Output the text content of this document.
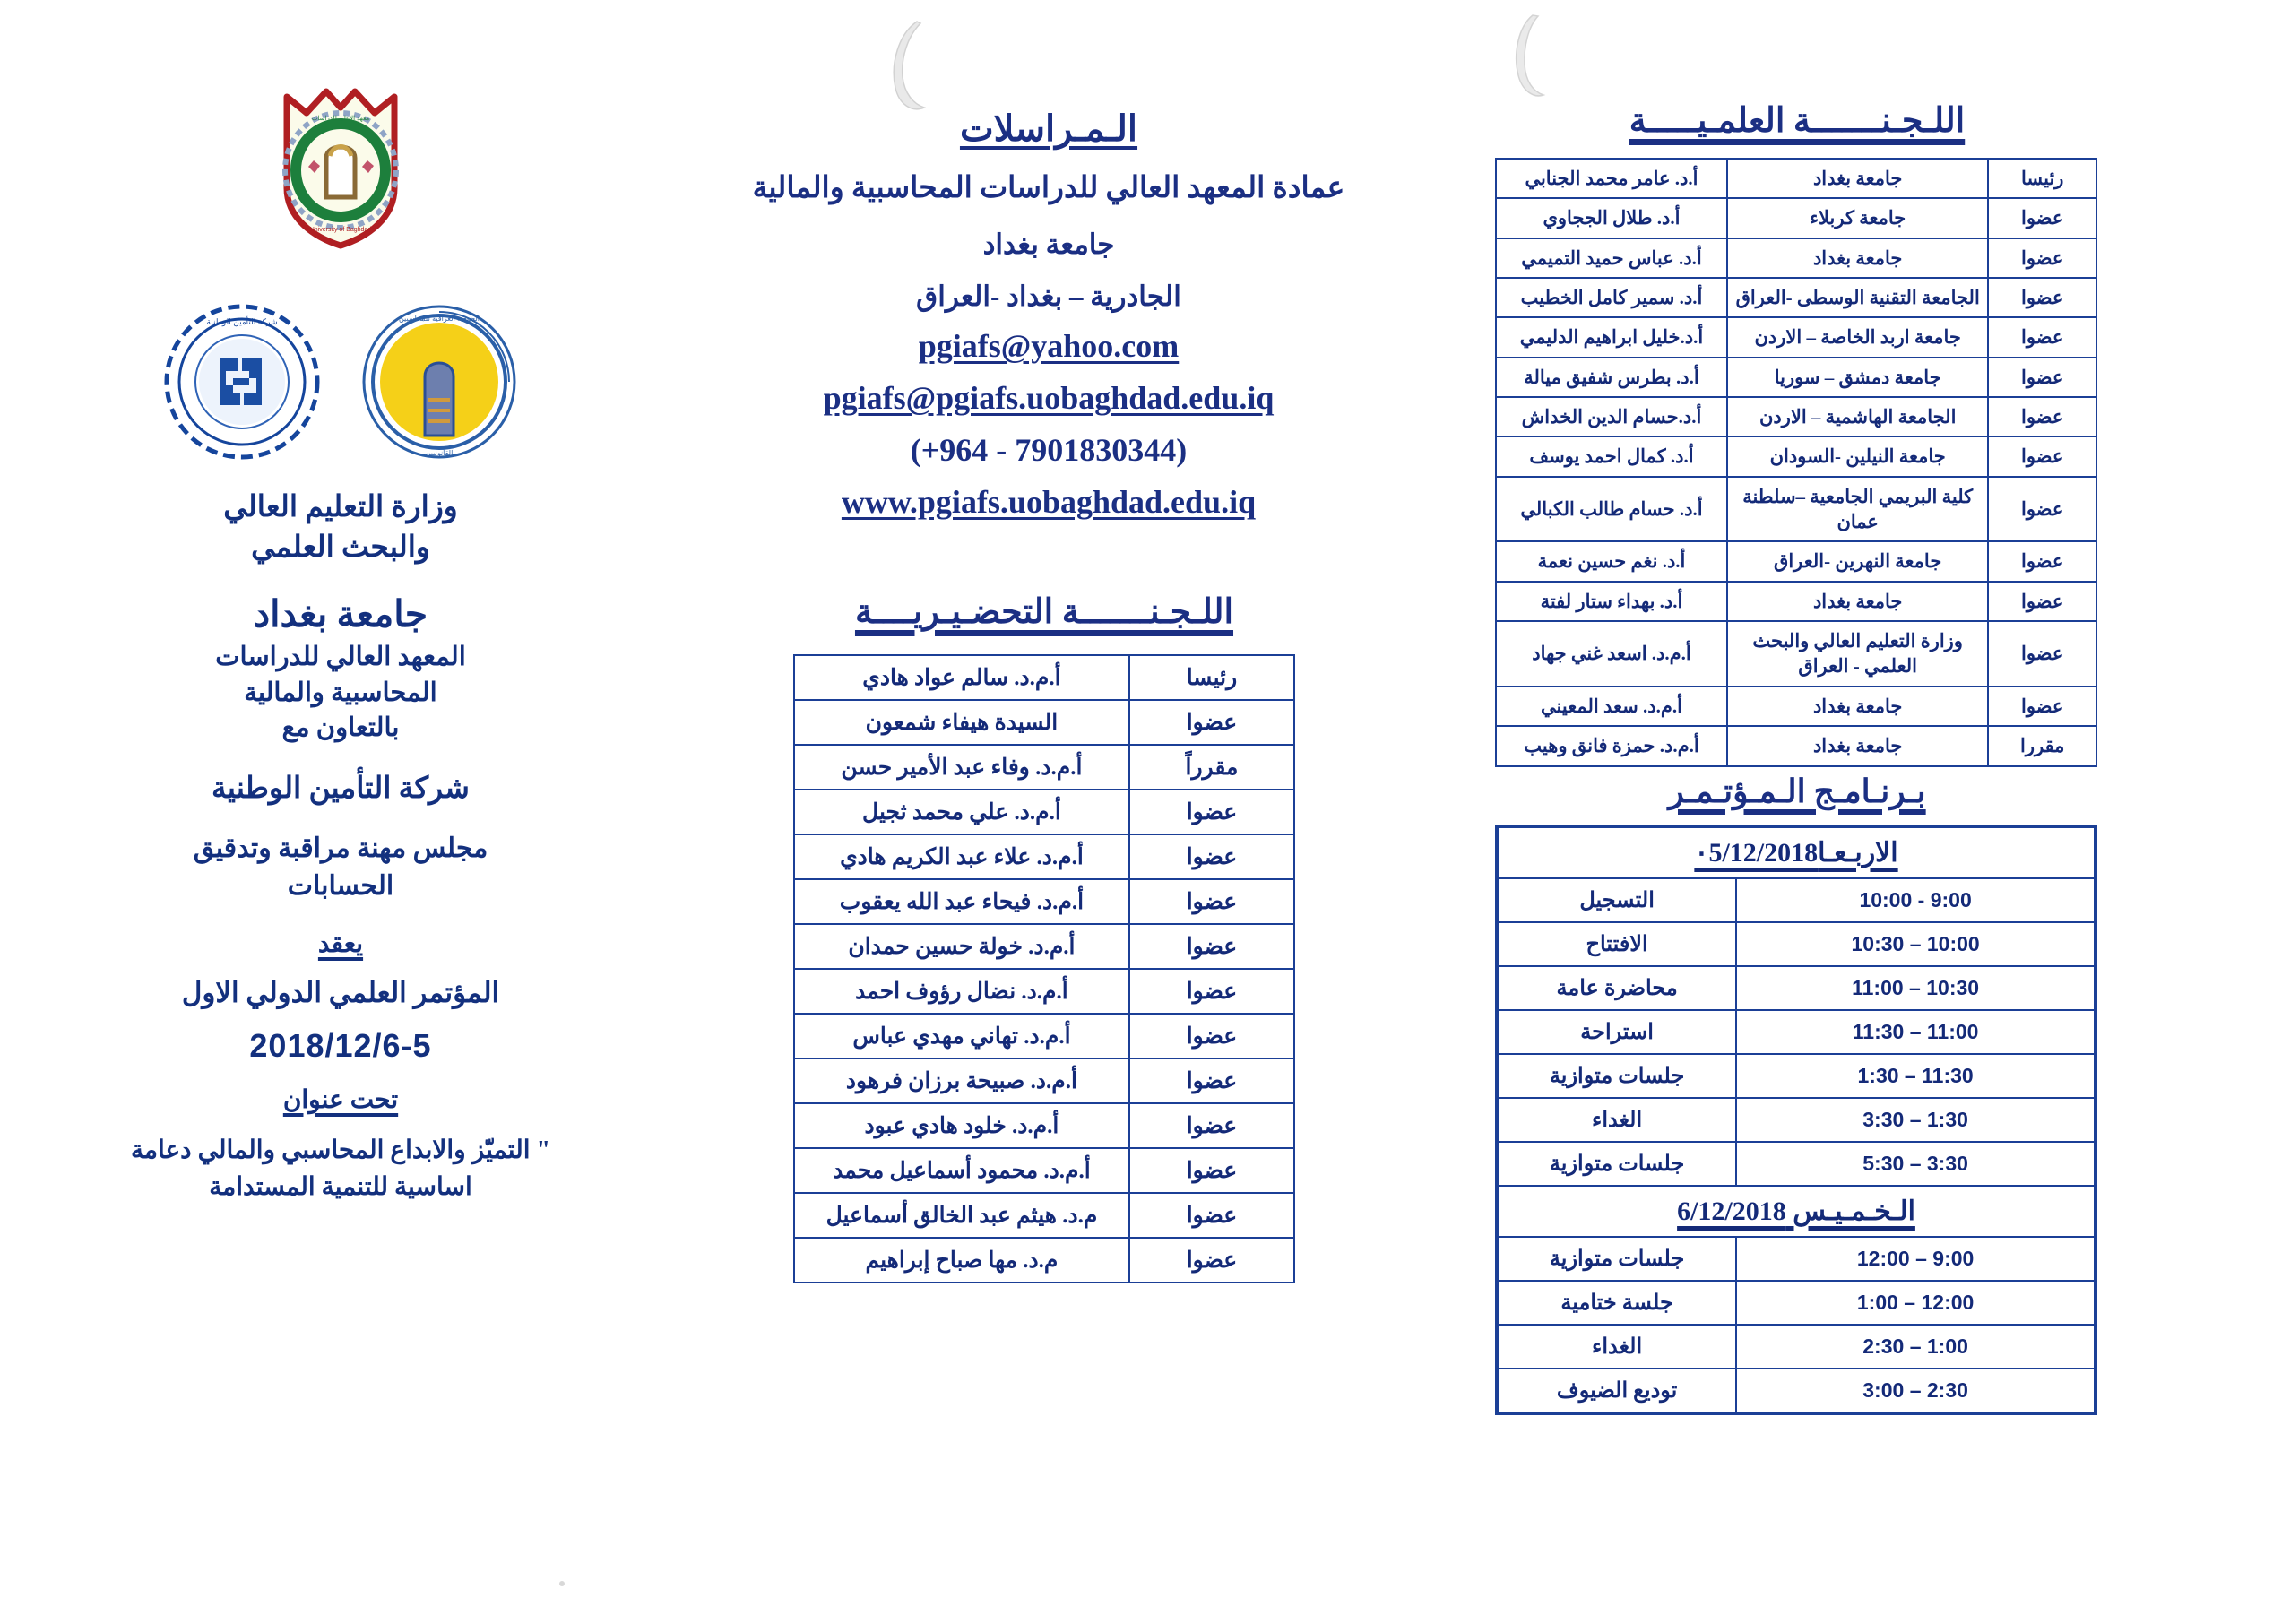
معهد الاعلى للدراسات
University of Baghdad
الجمعية العراقية للمحاسبين
القانونيين
شركة التأمين الوطنية
وزارة التعليم العالي
والبحث العلمي
جامعة بغداد
المعهد العالي للدراسات
المحاسبية والمالية
بالتعاون مع
شركة التأمين الوطنية
مجلس مهنة مراقبة وتدقيق
الحسابات
يعقد
المؤتمر العلمي الدولي الاول
2018/12/6-5
تحت عنوان
" التميّز والابداع المحاسبي والمالي دعامة
اساسية للتنمية المستدامة
الـمـراسلات
عمادة المعهد العالي للدراسات المحاسبية والمالية
جامعة بغداد
الجادرية – بغداد -العراق
pgiafs@yahoo.com
pgiafs@pgiafs.uobaghdad.edu.iq
(+964 - 7901830344)
www.pgiafs.uobaghdad.edu.iq
اللـجـنـــــــة التحضـيـريــــة
رئيسا	أ.م.د. سالم عواد هادي
عضوا	السيدة هيفاء شمعون
مقرراً	أ.م.د. وفاء عبد الأمير حسن
عضوا	أ.م.د. علي محمد ثجيل
عضوا	أ.م.د. علاء عبد الكريم هادي
عضوا	أ.م.د. فيحاء عبد الله يعقوب
عضوا	أ.م.د. خولة حسين حمدان
عضوا	أ.م.د. نضال رؤوف احمد
عضوا	أ.م.د. تهاني مهدي عباس
عضوا	أ.م.د. صبيحة برزان فرهود
عضوا	أ.م.د. خلود هادي عبود
عضوا	أ.م.د. محمود أسماعيل محمد
عضوا	م.د. هيثم عبد الخالق أسماعيل
عضوا	م.د. مها صباح إبراهيم
اللـجـنـــــــة العلمـيـــــة
رئيسا	جامعة بغداد	أ.د. عامر محمد الجنابي
عضوا	جامعة كربلاء	أ.د. طلال الججاوي
عضوا	جامعة بغداد	أ.د. عباس حميد التميمي
عضوا	الجامعة التقنية الوسطى -العراق	أ.د. سمير كامل الخطيب
عضوا	جامعة اربد الخاصة – الاردن	أ.د.خليل ابراهيم الدليمي
عضوا	جامعة دمشق – سوريا	أ.د. بطرس شفيق ميالة
عضوا	الجامعة الهاشمية – الاردن	أ.د.حسام الدين الخداش
عضوا	جامعة النيلين -السودان	أ.د. كمال احمد يوسف
عضوا	كلية البريمي الجامعية –سلطنة عمان	أ.د. حسام طالب الكبالي
عضوا	جامعة النهرين -العراق	أ.د. نغم حسين نعمة
عضوا	جامعة بغداد	أ.د. بهداء ستار لفتة
عضوا	وزارة التعليم العالي والبحث العلمي - العراق	أ.م.د. اسعد غني جهاد
عضوا	جامعة بغداد	أ.م.د. سعد المعيني
مقررا	جامعة بغداد	أ.م.د. حمزة فانق وهيب
بـرنـامـج الـمـؤتـمـر
الاربـعـا٠5/12/2018	
9:00 - 10:00	التسجيل
10:00 – 10:30	الافتتاح
10:30 – 11:00	محاضرة عامة
11:00 – 11:30	استراحة
11:30 – 1:30	جلسات متوازية
1:30 – 3:30	الغداء
3:30 – 5:30	جلسات متوازية
الـخـمـيـس 6/12/2018	
9:00 – 12:00	جلسات متوازية
12:00 – 1:00	جلسة ختامية
1:00 – 2:30	الغداء
2:30 – 3:00	توديع الضيوف
